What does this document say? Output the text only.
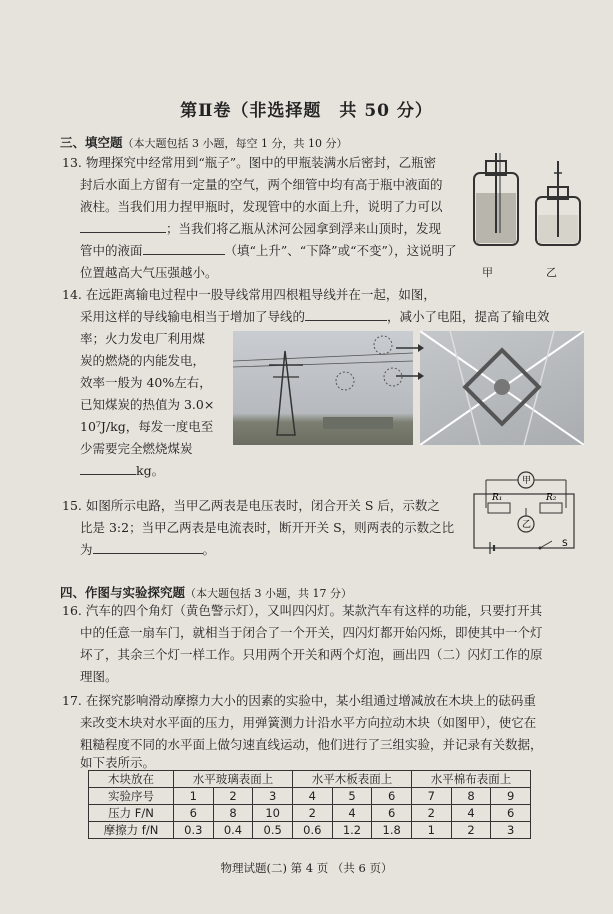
第Ⅱ卷（非选择题　共 50 分）
三、填空题（本大题包括 3 小题，每空 1 分，共 10 分）
13. 物理探究中经常用到“瓶子”。图中的甲瓶装满水后密封，乙瓶密
封后水面上方留有一定量的空气，两个细管中均有高于瓶中液面的
液柱。当我们用力捏甲瓶时，发现管中的水面上升，说明了力可以
；当我们将乙瓶从沭河公园拿到浮来山顶时，发现
管中的液面	（填“上升”、“下降”或“不变”），这说明了
位置越高大气压强越小。	甲	乙
14. 在远距离输电过程中一股导线常用四根粗导线并在一起，如图，
采用这样的导线输电相当于增加了导线的	，减小了电阻，提高了输电效
率；火力发电厂利用煤
炭的燃烧的内能发电，
效率一般为 40%左右，
已知煤炭的热值为 3.0×
10⁷J/kg，每发一度电至
少需要完全燃烧煤炭
kg。
15. 如图所示电路，当甲乙两表是电压表时，闭合开关 S 后，示数之
比是 3:2；当甲乙两表是电流表时，断开开关 S，则两表的示数之比
为	。
甲
乙
R₁	R₂
S
四、作图与实验探究题（本大题包括 3 小题，共 17 分）
16. 汽车的四个角灯（黄色警示灯），又叫四闪灯。某款汽车有这样的功能，只要打开其
中的任意一扇车门，就相当于闭合了一个开关，四闪灯都开始闪烁，即使其中一个灯
坏了，其余三个灯一样工作。只用两个开关和两个灯泡，画出四（二）闪灯工作的原
理图。
17. 在探究影响滑动摩擦力大小的因素的实验中，某小组通过增减放在木块上的砝码重
来改变木块对水平面的压力，用弹簧测力计沿水平方向拉动木块（如图甲），使它在
粗糙程度不同的水平面上做匀速直线运动，他们进行了三组实验，并记录有关数据，
如下表所示。
木块放在	水平玻璃表面上			水平木板表面上			水平棉布表面上		
实验序号	1	2	3	4	5	6	7	8	9
压力 F/N	6	8	10	2	4	6	2	4	6
摩擦力 f/N	0.3	0.4	0.5	0.6	1.2	1.8	1	2	3
物理试题(二) 第 4 页 （共 6 页）
